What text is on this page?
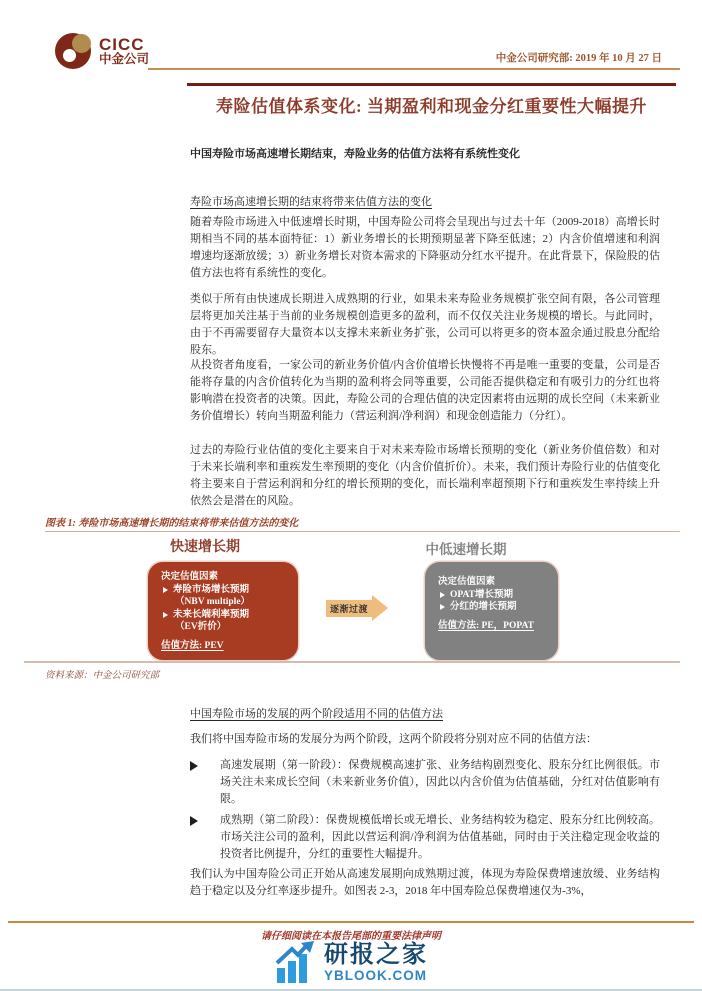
CICC
中金公司	中金公司研究部: 2019 年 10 月 27 日
寿险估值体系变化: 当期盈利和现金分红重要性大幅提升
中国寿险市场高速增长期结束，寿险业务的估值方法将有系统性变化
寿险市场高速增长期的结束将带来估值方法的变化
随着寿险市场进入中低速增长时期，中国寿险公司将会呈现出与过去十年（2009-2018）高增长时期相当不同的基本面特征：1）新业务增长的长期预期显著下降至低速；2）内含价值增速和利润增速均逐渐放缓；3）新业务增长对资本需求的下降驱动分红水平提升。在此背景下，保险股的估值方法也将有系统性的变化。
类似于所有由快速成长期进入成熟期的行业，如果未来寿险业务规模扩张空间有限，各公司管理层将更加关注基于当前的业务规模创造更多的盈利，而不仅仅关注业务规模的增长。与此同时，由于不再需要留存大量资本以支撑未来新业务扩张，公司可以将更多的资本盈余通过股息分配给股东。
从投资者角度看，一家公司的新业务价值/内含价值增长快慢将不再是唯一重要的变量，公司是否能将存量的内含价值转化为当期的盈利将会同等重要，公司能否提供稳定和有吸引力的分红也将影响潜在投资者的决策。因此，寿险公司的合理估值的决定因素将由远期的成长空间（未来新业务价值增长）转向当期盈利能力（营运利润/净利润）和现金创造能力（分红）。
过去的寿险行业估值的变化主要来自于对未来寿险市场增长预期的变化（新业务价值倍数）和对于未来长端利率和重疾发生率预期的变化（内含价值折价）。未来，我们预计寿险行业的估值变化将主要来自于营运利润和分红的增长预期的变化，而长端利率超预期下行和重疾发生率持续上升依然会是潜在的风险。
图表 1: 寿险市场高速增长期的结束将带来估值方法的变化
快速增长期	中低速增长期
决定估值因素
寿险市场增长预期
（NBV multiple）
未来长端利率预期
（EV折价）
估值方法: PEV
逐渐过渡
决定估值因素
OPAT增长预期
分红的增长预期
估值方法: PE，POPAT
资料来源：中金公司研究部
中国寿险市场的发展的两个阶段适用不同的估值方法
我们将中国寿险市场的发展分为两个阶段，这两个阶段将分别对应不同的估值方法：
高速发展期（第一阶段）：保费规模高速扩张、业务结构剧烈变化、股东分红比例很低。市场关注未来成长空间（未来新业务价值），因此以内含价值为估值基础，分红对估值影响有限。
成熟期（第二阶段）：保费规模低增长或无增长、业务结构较为稳定、股东分红比例较高。市场关注公司的盈利，因此以营运利润/净利润为估值基础，同时由于关注稳定现金收益的投资者比例提升，分红的重要性大幅提升。
我们认为中国寿险公司正开始从高速发展期向成熟期过渡，体现为寿险保费增速放缓、业务结构趋于稳定以及分红率逐步提升。如图表 2-3，2018 年中国寿险总保费增速仅为-3%，
请仔细阅读在本报告尾部的重要法律声明
研报之家
YBLOOK.COM
